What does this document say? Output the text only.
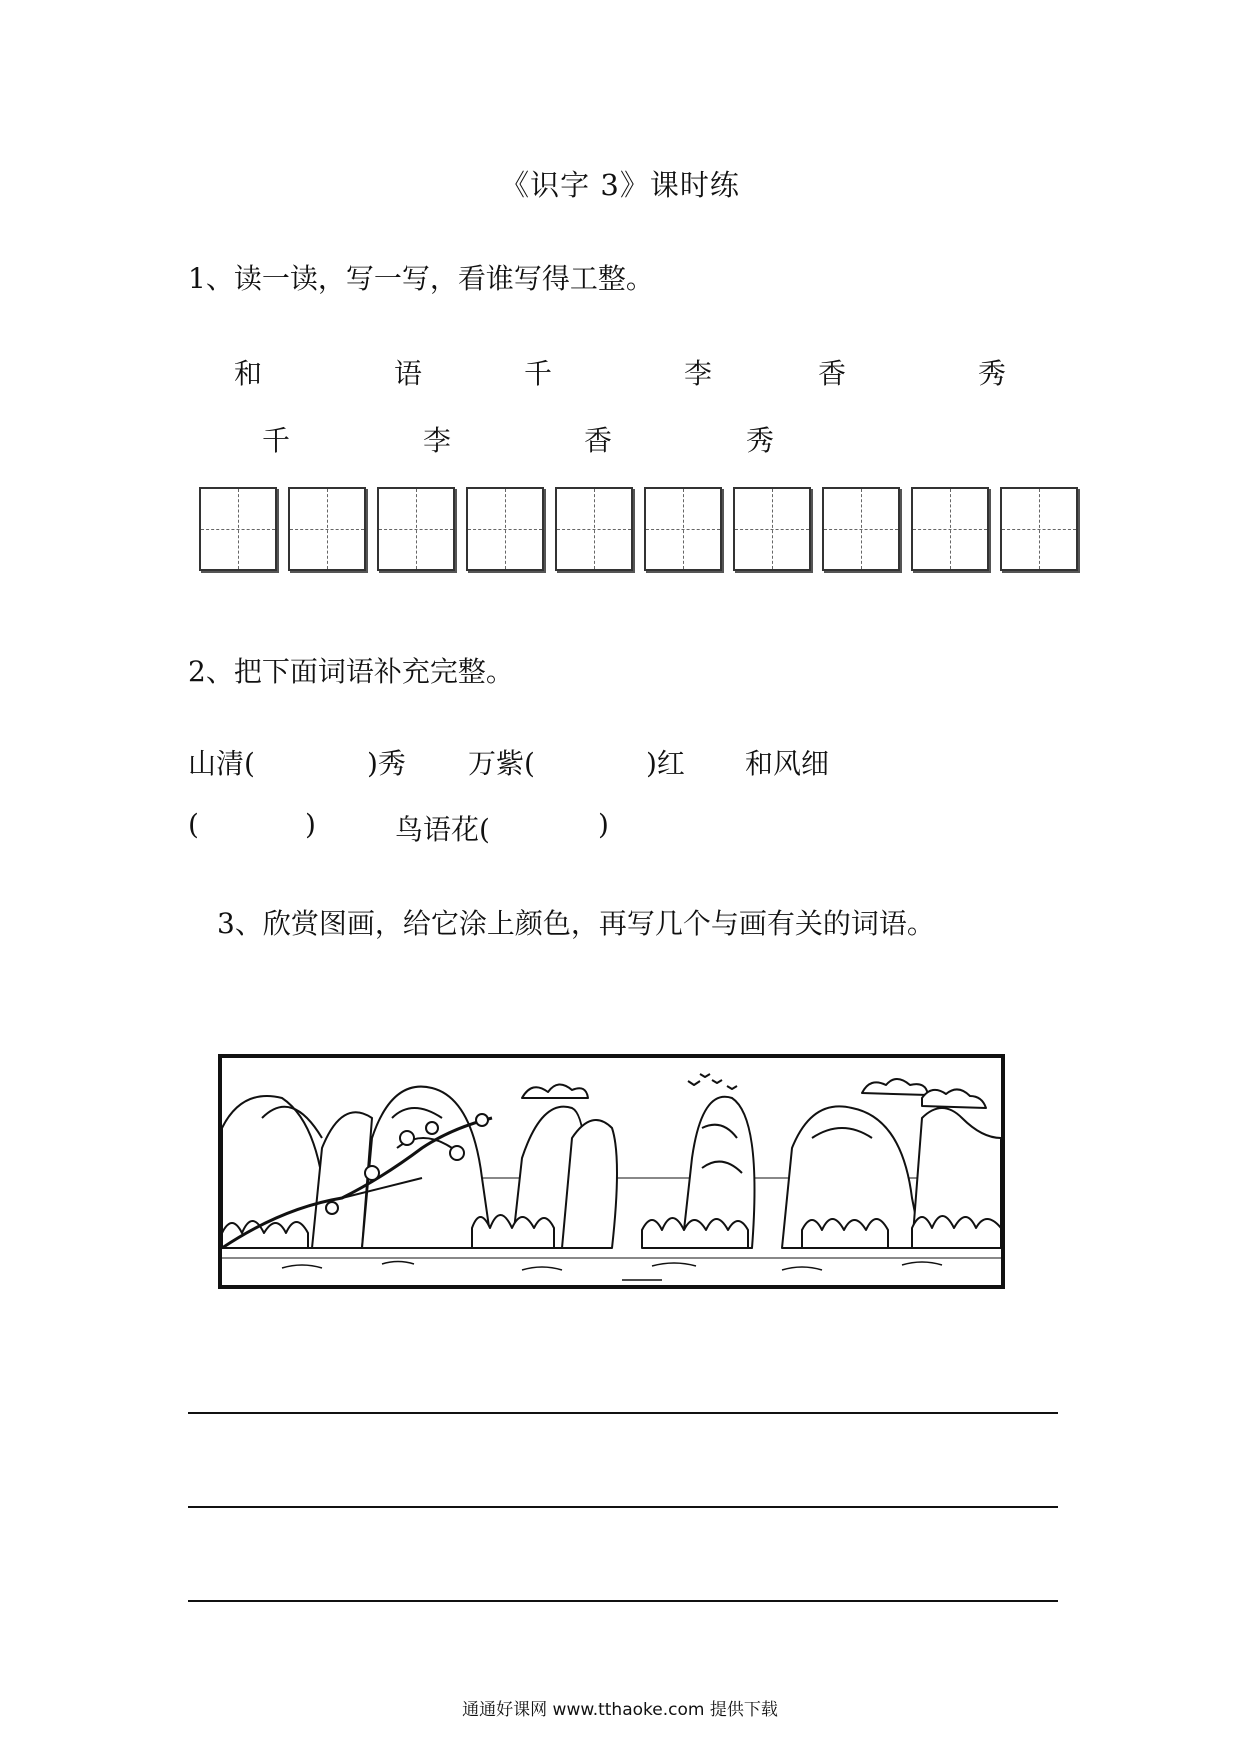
《识字 3》课时练
1、读一读，写一写，看谁写得工整。
和	语	千	李	香	秀
千	李	香	秀
2、把下面词语补充完整。
山清(	)秀 万紫(	)红 和风细
(	)	鸟语花(	)
3、欣赏图画，给它涂上颜色，再写几个与画有关的词语。
通通好课网 www.tthaoke.com 提供下载
